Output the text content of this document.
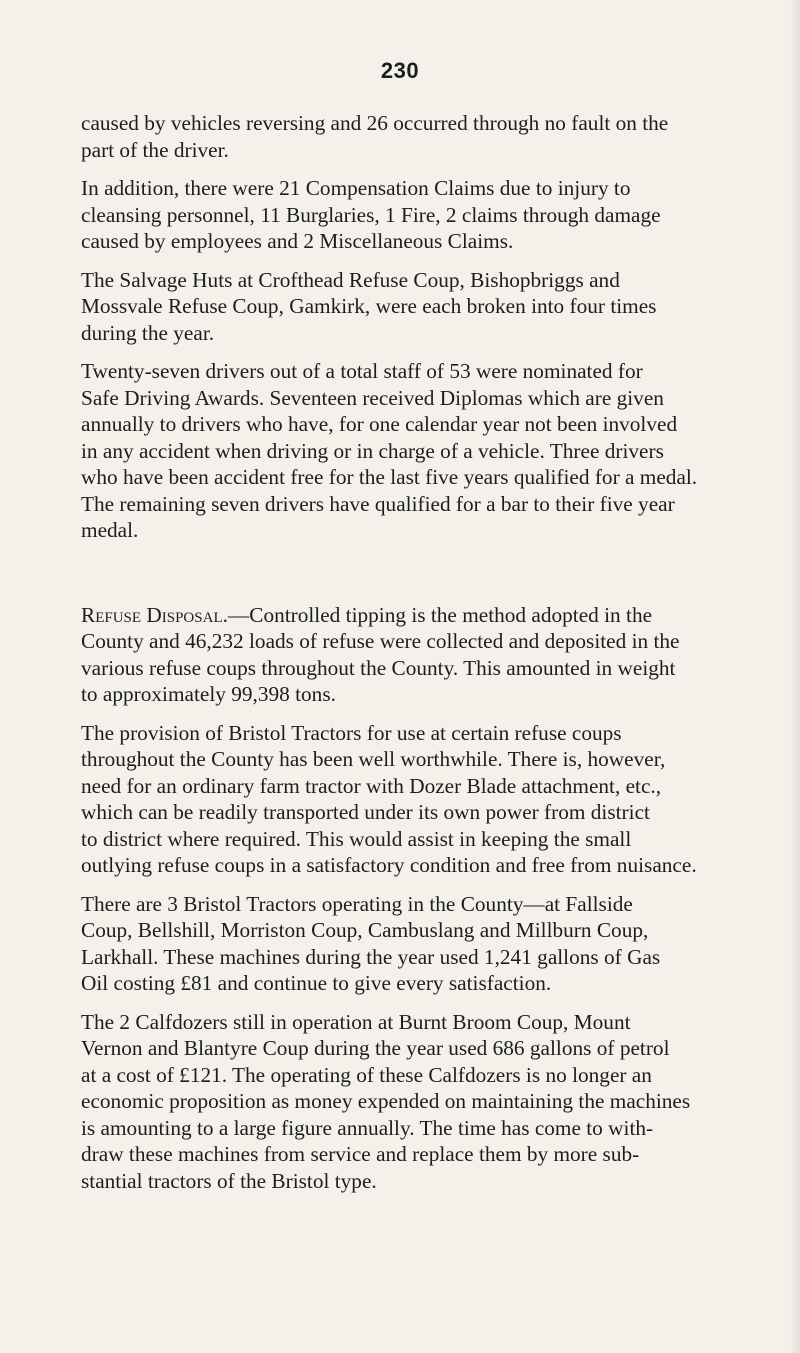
230

caused by vehicles reversing and 26 occurred through no fault on the
part of the driver.

In addition, there were 21 Compensation Claims due to injury to
cleansing personnel, 11 Burglaries, 1 Fire, 2 claims through damage
caused by employees and 2 Miscellaneous Claims.

The Salvage Huts at Crofthead Refuse Coup, Bishopbriggs and
Mossvale Refuse Coup, Gamkirk, were each broken into four times
during the year.

Twenty-seven drivers out of a total staff of 53 were nominated for
Safe Driving Awards. Seventeen received Diplomas which are given
annually to drivers who have, for one calendar year not been involved
in any accident when driving or in charge of a vehicle. Three drivers
who have been accident free for the last five years qualified for a medal.
The remaining seven drivers have qualified for a bar to their five year
medal.

Refuse Disposal.—Controlled tipping is the method adopted in the
County and 46,232 loads of refuse were collected and deposited in the
various refuse coups throughout the County. This amounted in weight
to approximately 99,398 tons.

The provision of Bristol Tractors for use at certain refuse coups
throughout the County has been well worthwhile. There is, however,
need for an ordinary farm tractor with Dozer Blade attachment, etc.,
which can be readily transported under its own power from district
to district where required. This would assist in keeping the small
outlying refuse coups in a satisfactory condition and free from nuisance.

There are 3 Bristol Tractors operating in the County—at Fallside
Coup, Bellshill, Morriston Coup, Cambuslang and Millburn Coup,
Larkhall. These machines during the year used 1,241 gallons of Gas
Oil costing £81 and continue to give every satisfaction.

The 2 Calfdozers still in operation at Burnt Broom Coup, Mount
Vernon and Blantyre Coup during the year used 686 gallons of petrol
at a cost of £121. The operating of these Calfdozers is no longer an
economic proposition as money expended on maintaining the machines
is amounting to a large figure annually. The time has come to with-
draw these machines from service and replace them by more sub-
stantial tractors of the Bristol type.
